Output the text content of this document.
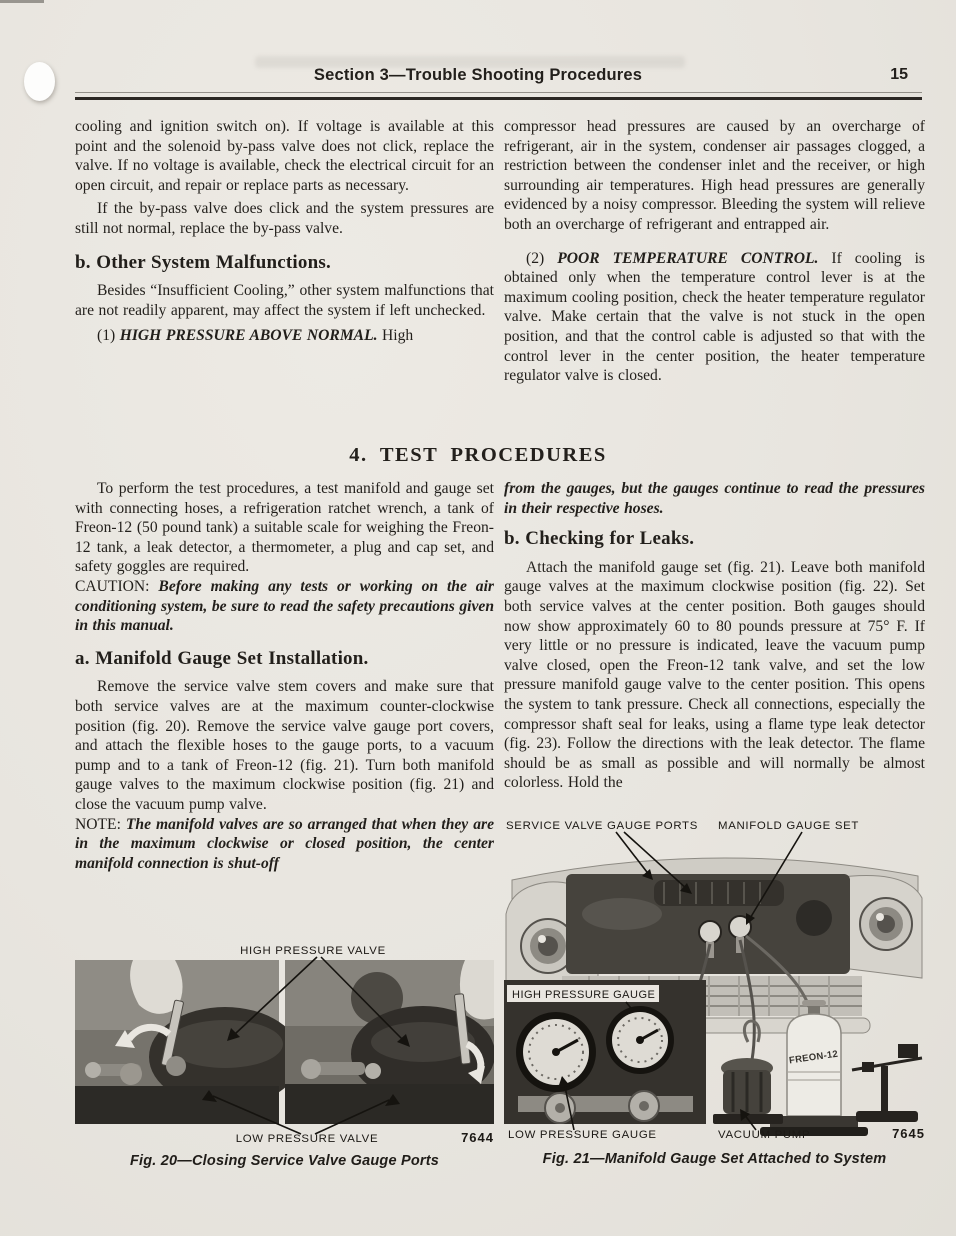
Section 3—Trouble Shooting Procedures	15

cooling and ignition switch on). If voltage is available at this point and the solenoid by-pass valve does not click, replace the valve. If no voltage is available, check the electrical circuit for an open circuit, and repair or replace parts as necessary.

If the by-pass valve does click and the system pressures are still not normal, replace the by-pass valve.

b. Other System Malfunctions.

Besides “Insufficient Cooling,” other system malfunctions that are not readily apparent, may affect the system if left unchecked.

(1) HIGH PRESSURE ABOVE NORMAL. High

compressor head pressures are caused by an overcharge of refrigerant, air in the system, condenser air passages clogged, a restriction between the condenser inlet and the receiver, or high surrounding air temperatures. High head pressures are generally evidenced by a noisy compressor. Bleeding the system will relieve both an overcharge of refrigerant and entrapped air.

(2) POOR TEMPERATURE CONTROL. If cooling is obtained only when the temperature control lever is at the maximum cooling position, check the heater temperature regulator valve. Make certain that the valve is not stuck in the open position, and that the control cable is adjusted so that with the control lever in the center position, the heater temperature regulator valve is closed.

4. TEST PROCEDURES

To perform the test procedures, a test manifold and gauge set with connecting hoses, a refrigeration ratchet wrench, a tank of Freon-12 (50 pound tank) a suitable scale for weighing the Freon-12 tank, a leak detector, a thermometer, a plug and cap set, and safety goggles are required.

CAUTION: Before making any tests or working on the air conditioning system, be sure to read the safety precautions given in this manual.

a. Manifold Gauge Set Installation.

Remove the service valve stem covers and make sure that both service valves are at the maximum counter-clockwise position (fig. 20). Remove the service valve gauge port covers, and attach the flexible hoses to the gauge ports, to a vacuum pump and to a tank of Freon-12 (fig. 21). Turn both manifold gauge valves to the maximum clockwise position (fig. 21) and close the vacuum pump valve.

NOTE: The manifold valves are so arranged that when they are in the maximum clockwise or closed position, the center manifold connection is shut-off

from the gauges, but the gauges continue to read the pressures in their respective hoses.

b. Checking for Leaks.

Attach the manifold gauge set (fig. 21). Leave both manifold gauge valves at the maximum clockwise position (fig. 22). Set both service valves at the center position. Both gauges should now show approximately 60 to 80 pounds pressure at 75° F. If very little or no pressure is indicated, leave the vacuum pump valve closed, open the Freon-12 tank valve, and set the low pressure manifold gauge valve to the center position. This opens the system to tank pressure. Check all connections, especially the compressor shaft seal for leaks, using a flame type leak detector (fig. 23). Follow the directions with the leak detector. The flame should be as small as possible and will normally be almost colorless. Hold the

HIGH PRESSURE VALVE
LOW PRESSURE VALVE	7644
Fig. 20—Closing Service Valve Gauge Ports
HIGH PRESSURE GAUGE
FREON-12
SERVICE VALVE GAUGE PORTS MANIFOLD GAUGE SET
LOW PRESSURE GAUGE	VACUUM PUMP	7645
Fig. 21—Manifold Gauge Set Attached to System
